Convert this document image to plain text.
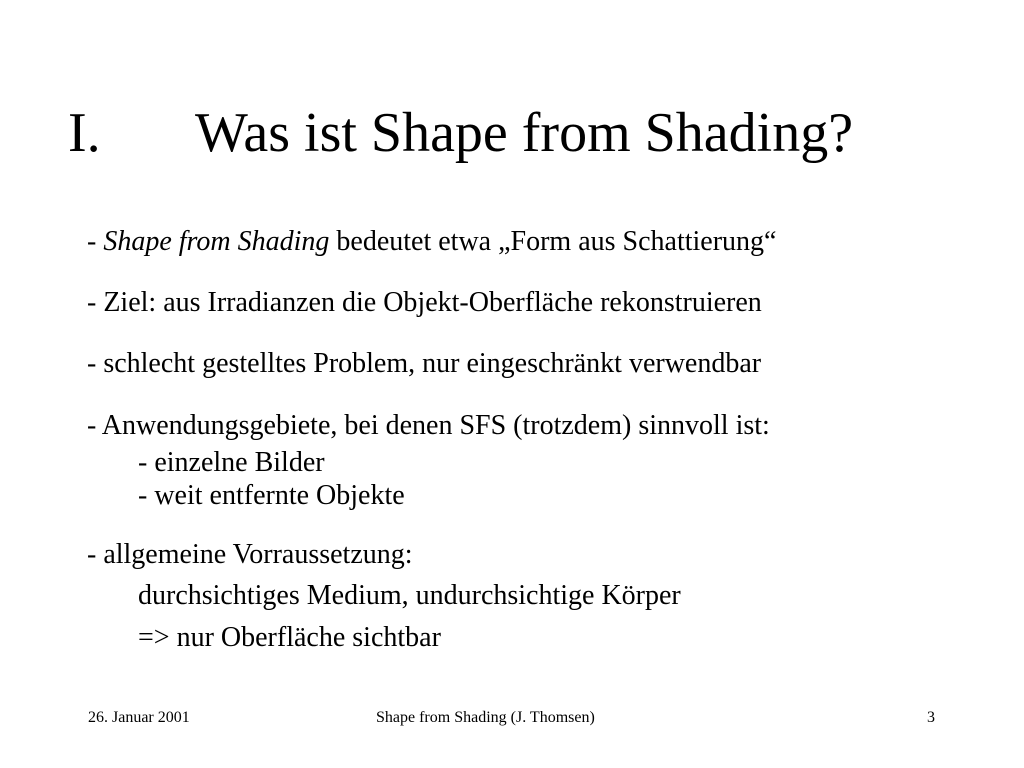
I. Was ist Shape from Shading?
- Shape from Shading bedeutet etwa „Form aus Schattierung“
- Ziel: aus Irradianzen die Objekt-Oberfläche rekonstruieren
- schlecht gestelltes Problem, nur eingeschränkt verwendbar
- Anwendungsgebiete, bei denen SFS (trotzdem) sinnvoll ist:
- einzelne Bilder
- weit entfernte Objekte
- allgemeine Vorraussetzung:
durchsichtiges Medium, undurchsichtige Körper
=> nur Oberfläche sichtbar
26. Januar 2001	Shape from Shading (J. Thomsen)	3
